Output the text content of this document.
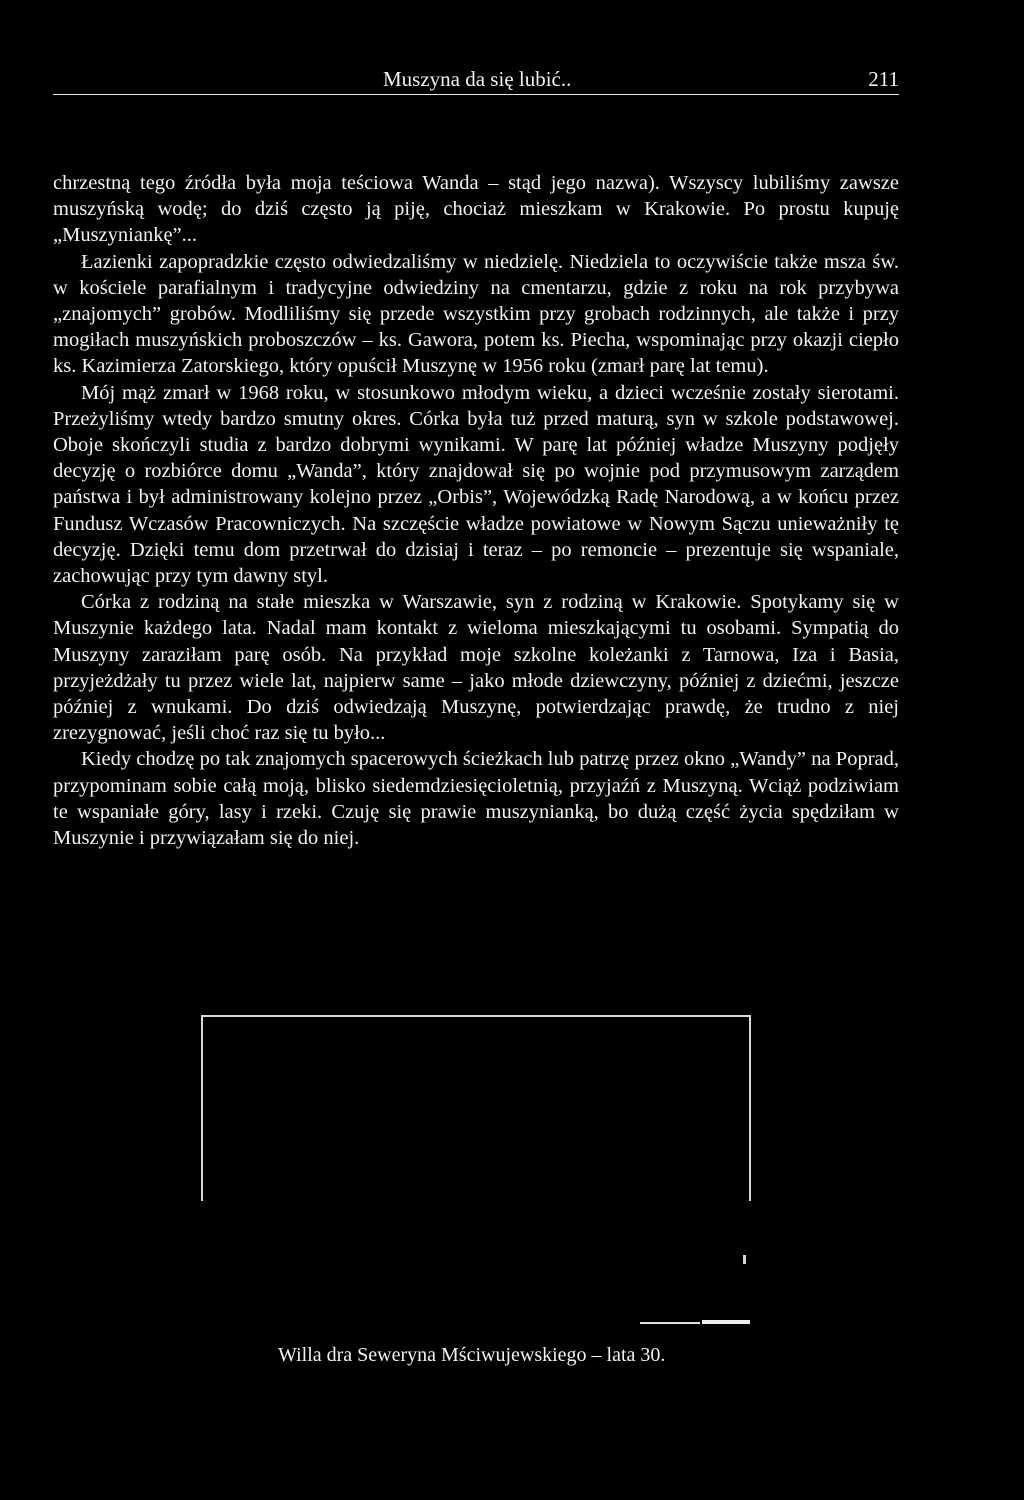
Muszyna da się lubić..	211

chrzestną tego źródła była moja teściowa Wanda – stąd jego nazwa). Wszyscy lubiliśmy zawsze muszyńską wodę; do dziś często ją piję, chociaż mieszkam w Krakowie. Po prostu kupuję „Muszyniankę”...

Łazienki zapopradzkie często odwiedzaliśmy w niedzielę. Niedziela to oczywiście także msza św. w kościele parafialnym i tradycyjne odwiedziny na cmentarzu, gdzie z roku na rok przybywa „znajomych” grobów. Modliliśmy się przede wszystkim przy grobach rodzinnych, ale także i przy mogiłach muszyńskich proboszczów – ks. Gawora, potem ks. Piecha, wspominając przy okazji ciepło ks. Kazimierza Zatorskiego, który opuścił Muszynę w 1956 roku (zmarł parę lat temu).

Mój mąż zmarł w 1968 roku, w stosunkowo młodym wieku, a dzieci wcześnie zostały sierotami. Przeżyliśmy wtedy bardzo smutny okres. Córka była tuż przed maturą, syn w szkole podstawowej. Oboje skończyli studia z bardzo dobrymi wynikami. W parę lat później władze Muszyny podjęły decyzję o rozbiórce domu „Wanda”, który znajdował się po wojnie pod przymusowym zarządem państwa i był administrowany kolejno przez „Orbis”, Wojewódzką Radę Narodową, a w końcu przez Fundusz Wczasów Pracowniczych. Na szczęście władze powiatowe w Nowym Sączu unieważniły tę decyzję. Dzięki temu dom przetrwał do dzisiaj i teraz – po remoncie – prezentuje się wspaniale, zachowując przy tym dawny styl.

Córka z rodziną na stałe mieszka w Warszawie, syn z rodziną w Krakowie. Spotykamy się w Muszynie każdego lata. Nadal mam kontakt z wieloma mieszkającymi tu osobami. Sympatią do Muszyny zaraziłam parę osób. Na przykład moje szkolne koleżanki z Tarnowa, Iza i Basia, przyjeżdżały tu przez wiele lat, najpierw same – jako młode dziewczyny, później z dziećmi, jeszcze później z wnukami. Do dziś odwiedzają Muszynę, potwierdzając prawdę, że trudno z niej zrezygnować, jeśli choć raz się tu było...

Kiedy chodzę po tak znajomych spacerowych ścieżkach lub patrzę przez okno „Wandy” na Poprad, przypominam sobie całą moją, blisko siedemdziesięcioletnią, przyjaźń z Muszyną. Wciąż podziwiam te wspaniałe góry, lasy i rzeki. Czuję się prawie muszynianką, bo dużą część życia spędziłam w Muszynie i przywiązałam się do niej.

Willa dra Seweryna Mściwujewskiego – lata 30.
